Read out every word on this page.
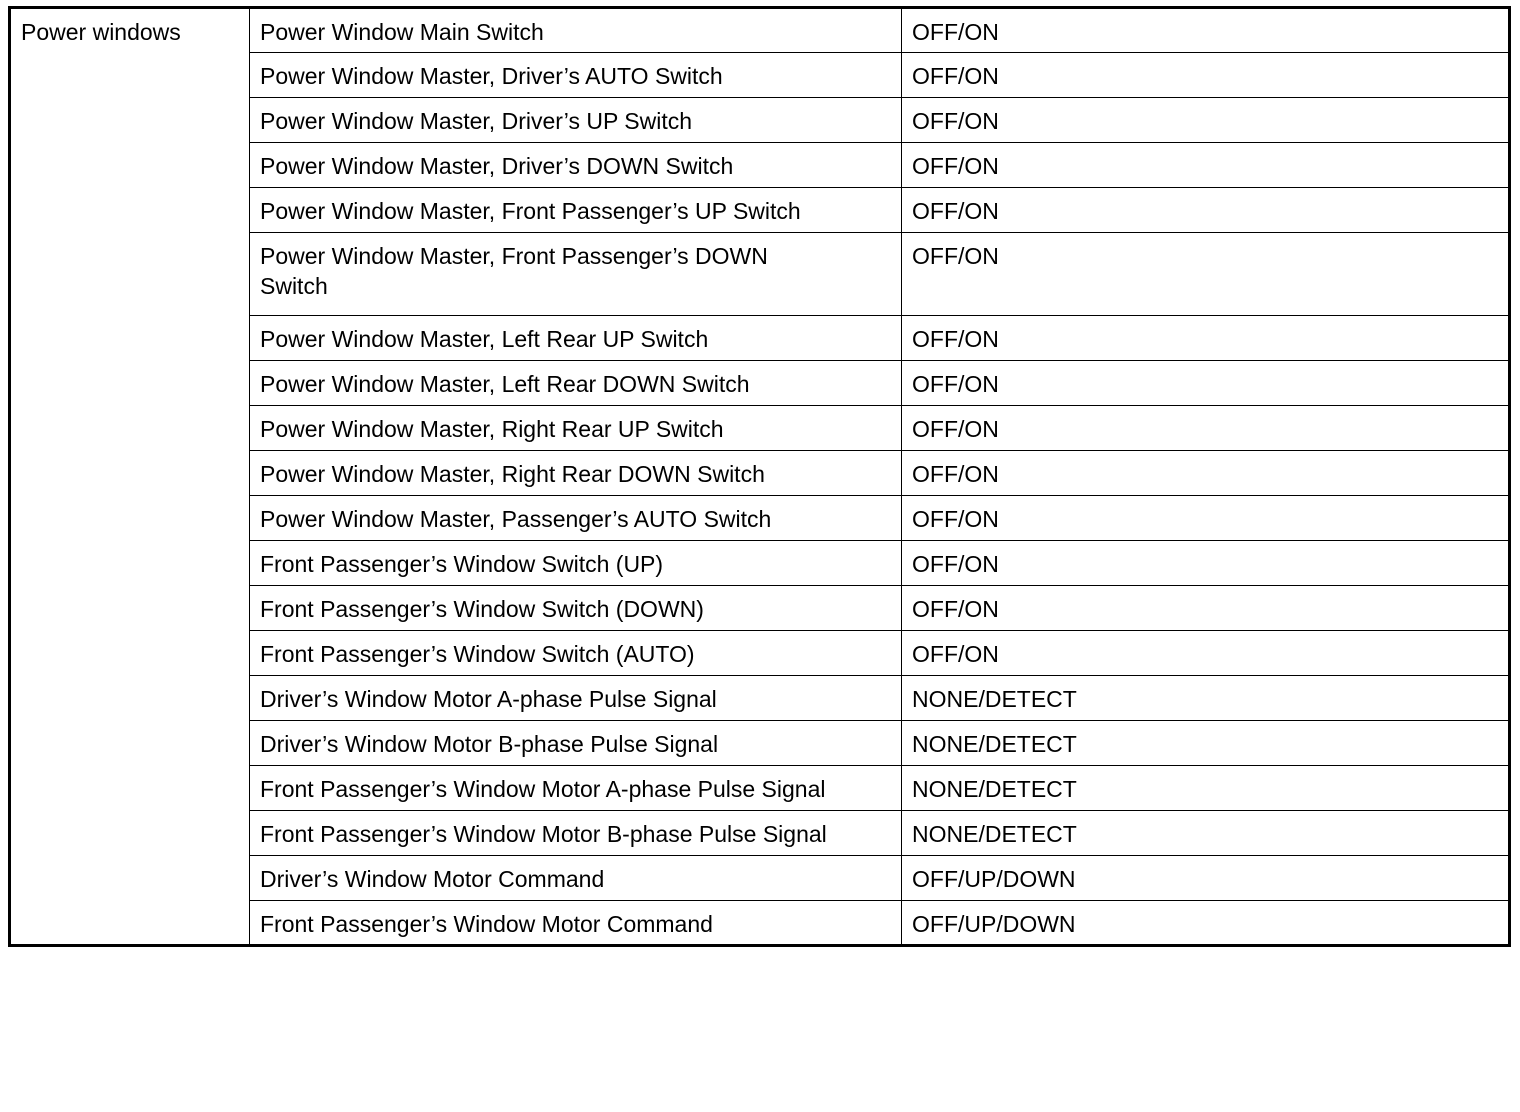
Power windows	Power Window Main Switch	OFF/ON
	Power Window Master, Driver’s AUTO Switch	OFF/ON
	Power Window Master, Driver’s UP Switch	OFF/ON
	Power Window Master, Driver’s DOWN Switch	OFF/ON
	Power Window Master, Front Passenger’s UP Switch	OFF/ON

	Power Window Master, Front Passenger’s DOWN Switch	OFF/ON
	Power Window Master, Left Rear UP Switch	OFF/ON
	Power Window Master, Left Rear DOWN Switch	OFF/ON
	Power Window Master, Right Rear UP Switch	OFF/ON
	Power Window Master, Right Rear DOWN Switch	OFF/ON
	Power Window Master, Passenger’s AUTO Switch	OFF/ON
	Front Passenger’s Window Switch (UP)	OFF/ON
	Front Passenger’s Window Switch (DOWN)	OFF/ON
	Front Passenger’s Window Switch (AUTO)	OFF/ON
	Driver’s Window Motor A-phase Pulse Signal	NONE/DETECT
	Driver’s Window Motor B-phase Pulse Signal	NONE/DETECT
	Front Passenger’s Window Motor A-phase Pulse Signal	NONE/DETECT
	Front Passenger’s Window Motor B-phase Pulse Signal	NONE/DETECT
	Driver’s Window Motor Command	OFF/UP/DOWN
	Front Passenger’s Window Motor Command	OFF/UP/DOWN
